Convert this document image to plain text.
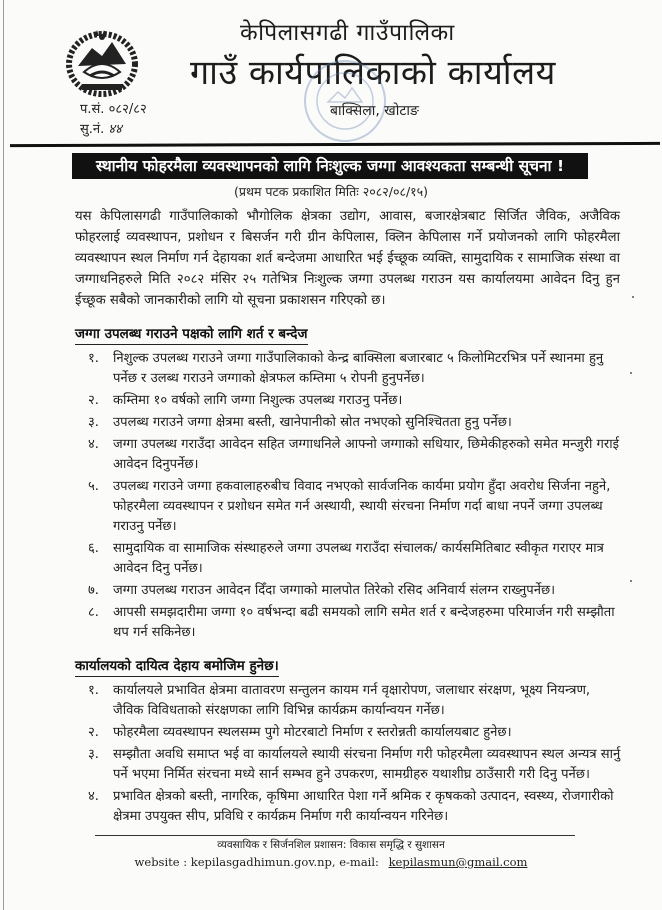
प.सं. ०८२/८२
सु.नं. ४४
केपिलासगढी गाउँपालिका
गाउँ कार्यपालिकाको कार्यालय
बाक्सिला, खोटाङ
स्थानीय फोहरमैला व्यवस्थापनको लागि निःशुल्क जग्गा आवश्यकता सम्बन्धी सूचना !
(प्रथम पटक प्रकाशित मितिः २०८२/०८/१५)
यस केपिलासगढी गाउँपालिकाको भौगोलिक क्षेत्रका उद्योग, आवास, बजारक्षेत्रबाट सिर्जित जैविक, अजैविक फोहरलाई व्यवस्थापन, प्रशोधन र बिसर्जन गरी ग्रीन केपिलास, क्लिन केपिलास गर्ने प्रयोजनको लागि फोहरमैला व्यवस्थापन स्थल निर्माण गर्न देहायका शर्त बन्देजमा आधारित भई ईच्छूक व्यक्ति, सामुदायिक र सामाजिक संस्था वा जग्गाधनिहरुले मिति २०८२ मंसिर २५ गतेभित्र निःशुल्क जग्गा उपलब्ध गराउन यस कार्यालयमा आवेदन दिनु हुन ईच्छूक सबैको जानकारीको लागि यो सूचना प्रकाशसन गरिएको छ।
जग्गा उपलब्ध गराउने पक्षको लागि शर्त र बन्देज
१.	निशुल्क उपलब्ध गराउने जग्गा गाउँपालिकाको केन्द्र बाक्सिला बजारबाट ५ किलोमिटरभित्र पर्ने स्थानमा हुनु पर्नेछ र उलब्ध गराउने जग्गाको क्षेत्रफल कम्तिमा ५ रोपनी हुनुपर्नेछ।
२.	कम्तिमा १० वर्षको लागि जग्गा निशुल्क उपलब्ध गराउनु पर्नेछ।
३.	उपलब्ध गराउने जग्गा क्षेत्रमा बस्ती, खानेपानीको स्रोत नभएको सुनिश्चितता हुनु पर्नेछ।
४.	जग्गा उपलब्ध गराउँदा आवेदन सहित जग्गाधनिले आफ्नो जग्गाको सधियार, छिमेकीहरुको समेत मन्जुरी गराई आवेदन दिनुपर्नेछ।
५.	उपलब्ध गराउने जग्गा हकवालाहरुबीच विवाद नभएको सार्वजनिक कार्यमा प्रयोग हुँदा अवरोध सिर्जना नहुने, फोहरमैला व्यवस्थापन र प्रशोधन समेत गर्न अस्थायी, स्थायी संरचना निर्माण गर्दा बाधा नपर्ने जग्गा उपलब्ध गराउनु पर्नेछ।
६.	सामुदायिक वा सामाजिक संस्थाहरुले जग्गा उपलब्ध गराउँदा संचालक/ कार्यसमितिबाट स्वीकृत गराएर मात्र आवेदन दिनु पर्नेछ।
७.	जग्गा उपलब्ध गराउन आवेदन दिँदा जग्गाको मालपोत तिरेको रसिद अनिवार्य संलग्न राख्नुपर्नेछ।
८.	आपसी समझदारीमा जग्गा १० वर्षभन्दा बढी समयको लागि समेत शर्त र बन्देजहरुमा परिमार्जन गरी सम्झौता थप गर्न सकिनेछ।
कार्यालयको दायित्व देहाय बमोजिम हुनेछ।
१.	कार्यालयले प्रभावित क्षेत्रमा वातावरण सन्तुलन कायम गर्न वृक्षारोपण, जलाधार संरक्षण, भूक्ष्य नियन्त्रण, जैविक विविधताको संरक्षणका लागि विभिन्न कार्यक्रम कार्यान्वयन गर्नेछ।
२.	फोहरमैला व्यवस्थापन स्थलसम्म पुगे मोटरबाटो निर्माण र स्तरोन्नती कार्यालयबाट हुनेछ।
३.	सम्झौता अवधि समाप्त भई वा कार्यालयले स्थायी संरचना निर्माण गरी फोहरमैला व्यवस्थापन स्थल अन्यत्र सार्नु पर्ने भएमा निर्मित संरचना मध्ये सार्न सम्भव हुने उपकरण, सामग्रीहरु यथाशीघ्र ठाउँसारी गरी दिनु पर्नेछ।
४.	प्रभावित क्षेत्रको बस्ती, नागरिक, कृषिमा आधारित पेशा गर्ने श्रमिक र कृषकको उत्पादन, स्वस्थ्य, रोजगारीको क्षेत्रमा उपयुक्त सीप, प्रविधि र कार्यक्रम निर्माण गरी कार्यान्वयन गरिनेछ।
व्यवसायिक र सिर्जनशिल प्रशासन: विकास समृद्धि र सुशासन
website : kepilasgadhimun.gov.np, e-mail: kepilasmun@gmail.com
